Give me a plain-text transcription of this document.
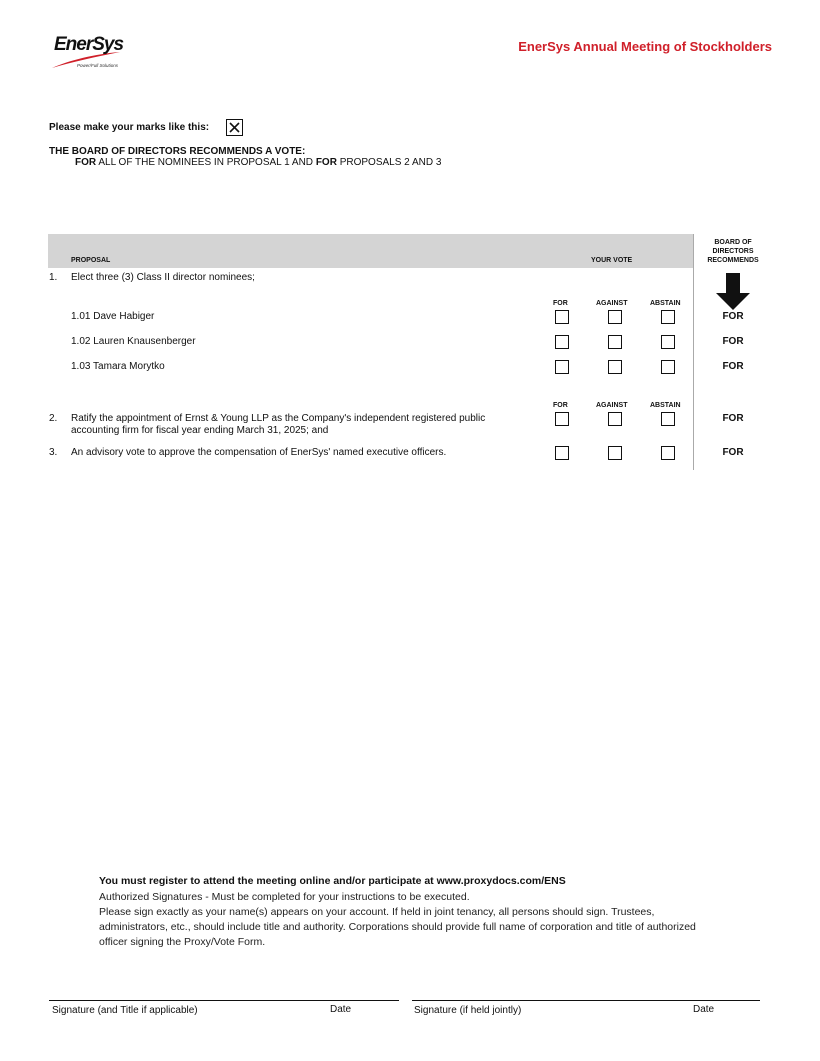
EnerSys
Power/Full Solutions
EnerSys Annual Meeting of Stockholders
Please make your marks like this:
THE BOARD OF DIRECTORS RECOMMENDS A VOTE:
FOR ALL OF THE NOMINEES IN PROPOSAL 1 AND FOR PROPOSALS 2 AND 3
PROPOSAL	YOUR VOTE
BOARD OF DIRECTORS RECOMMENDS
1. Elect three (3) Class II director nominees;
FOR	AGAINST	ABSTAIN
1.01 Dave Habiger	FOR
1.02 Lauren Knausenberger	FOR
1.03 Tamara Morytko	FOR
FOR	AGAINST	ABSTAIN
2. Ratify the appointment of Ernst & Young LLP as the Company's independent registered public
accounting firm for fiscal year ending March 31, 2025; and
FOR
3. An advisory vote to approve the compensation of EnerSys' named executive officers.	FOR
You must register to attend the meeting online and/or participate at www.proxydocs.com/ENS
Authorized Signatures - Must be completed for your instructions to be executed.
Please sign exactly as your name(s) appears on your account. If held in joint tenancy, all persons should sign. Trustees, administrators, etc., should include title and authority. Corporations should provide full name of corporation and title of authorized officer signing the Proxy/Vote Form.
Signature (and Title if applicable)	Date	Signature (if held jointly)	Date
